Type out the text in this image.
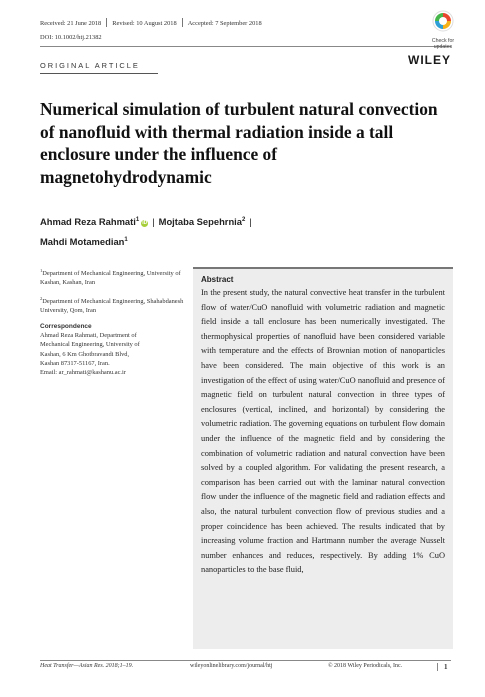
Received: 21 June 2018 Revised: 10 August 2018 Accepted: 7 September 2018
DOI: 10.1002/htj.21382	Check for updates
WILEY
ORIGINAL ARTICLE
Numerical simulation of turbulent natural convection of nanofluid with thermal radiation inside a tall enclosure under the influence of magnetohydrodynamic
Ahmad Reza Rahmati$^1$iD | Mojtaba Sepehrnia$^2$ |
Mahdi Motamedian$^1$
$^1$Department of Mechanical Engineering, University of Kashan, Kashan, Iran
$^2$Department of Mechanical Engineering, Shahabdanesh University, Qom, Iran
Correspondence
Ahmad Reza Rahmati, Department of
Mechanical Engineering, University of
Kashan, 6 Km Ghotbravandi Blvd,
Kashan 87317-51167, Iran.
Email: ar_rahmati@kashanu.ac.ir
Abstract
In the present study, the natural convective heat transfer in the turbulent flow of water/CuO nanofluid with volumetric radiation and magnetic field inside a tall enclosure has been numerically investigated. The thermophysical properties of nanofluid have been considered variable with temperature and the effects of Brownian motion of nanoparticles have been considered. The main objective of this work is an investigation of the effect of using water/CuO nanofluid and presence of magnetic field on turbulent natural convection in three types of enclosures (vertical, inclined, and horizontal) by considering the volumetric radiation. The governing equations on turbulent flow domain under the influence of the magnetic field and by considering the combination of volumetric radiation and natural convection have been solved by a coupled algorithm. For validating the present research, a comparison has been carried out with the laminar natural convection flow under the influence of the magnetic field and radiation effects and also, the natural turbulent convection flow of previous studies and a proper coincidence has been achieved. The results indicated that by increasing volume fraction and Hartmann number the average Nusselt number enhances and reduces, respectively. By adding 1% CuO nanoparticles to the base fluid,
Heat Transfer—Asian Res. 2018;1–19.	wileyonlinelibrary.com/journal/htj	© 2018 Wiley Periodicals, Inc.	1
